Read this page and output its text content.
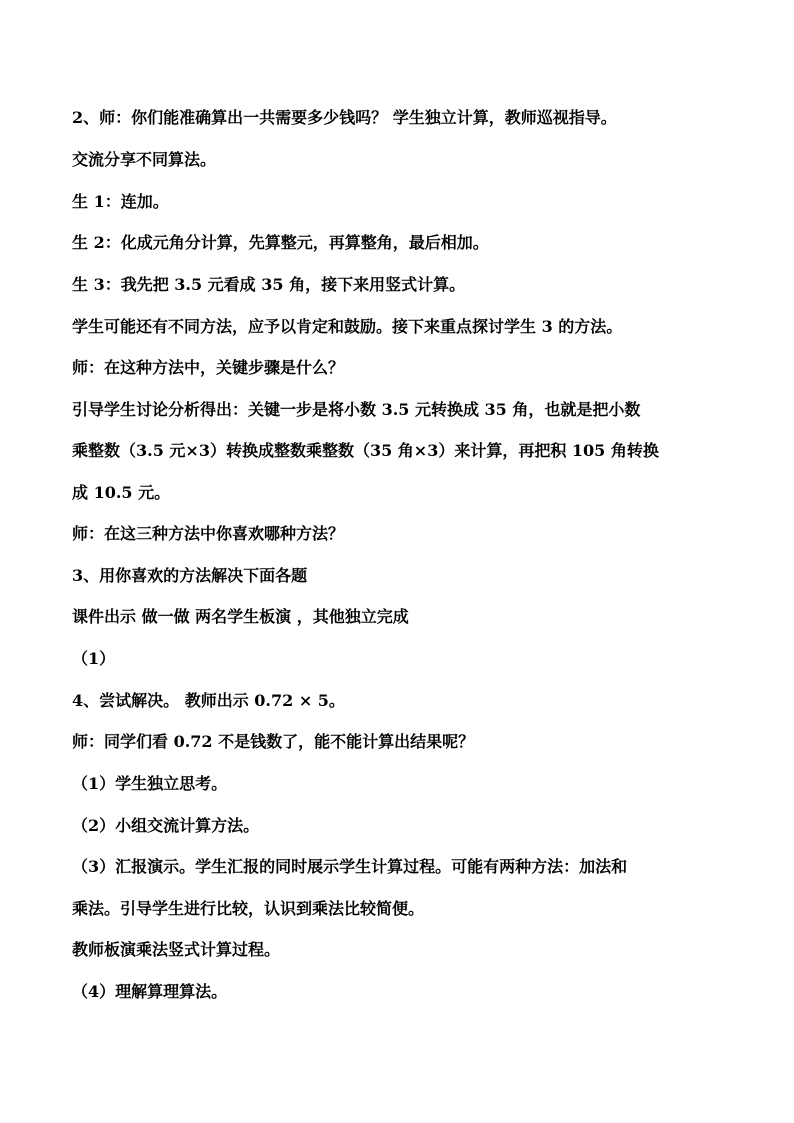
2、师：你们能准确算出一共需要多少钱吗？ 学生独立计算，教师巡视指导。
交流分享不同算法。
生 1：连加。
生 2：化成元角分计算，先算整元，再算整角，最后相加。
生 3：我先把 3.5 元看成 35 角，接下来用竖式计算。
学生可能还有不同方法，应予以肯定和鼓励。接下来重点探讨学生 3 的方法。
师：在这种方法中，关键步骤是什么？
引导学生讨论分析得出：关键一步是将小数 3.5 元转换成 35 角，也就是把小数
乘整数（3.5 元×3）转换成整数乘整数（35 角×3）来计算，再把积 105 角转换
成 10.5 元。
师：在这三种方法中你喜欢哪种方法？
3、用你喜欢的方法解决下面各题
课件出示 做一做 两名学生板演 ，其他独立完成
（1）
4、尝试解决。 教师出示 0.72 × 5。
师：同学们看 0.72 不是钱数了，能不能计算出结果呢？
（1）学生独立思考。
（2）小组交流计算方法。
（3）汇报演示。学生汇报的同时展示学生计算过程。可能有两种方法：加法和
乘法。引导学生进行比较，认识到乘法比较简便。
教师板演乘法竖式计算过程。
（4）理解算理算法。
